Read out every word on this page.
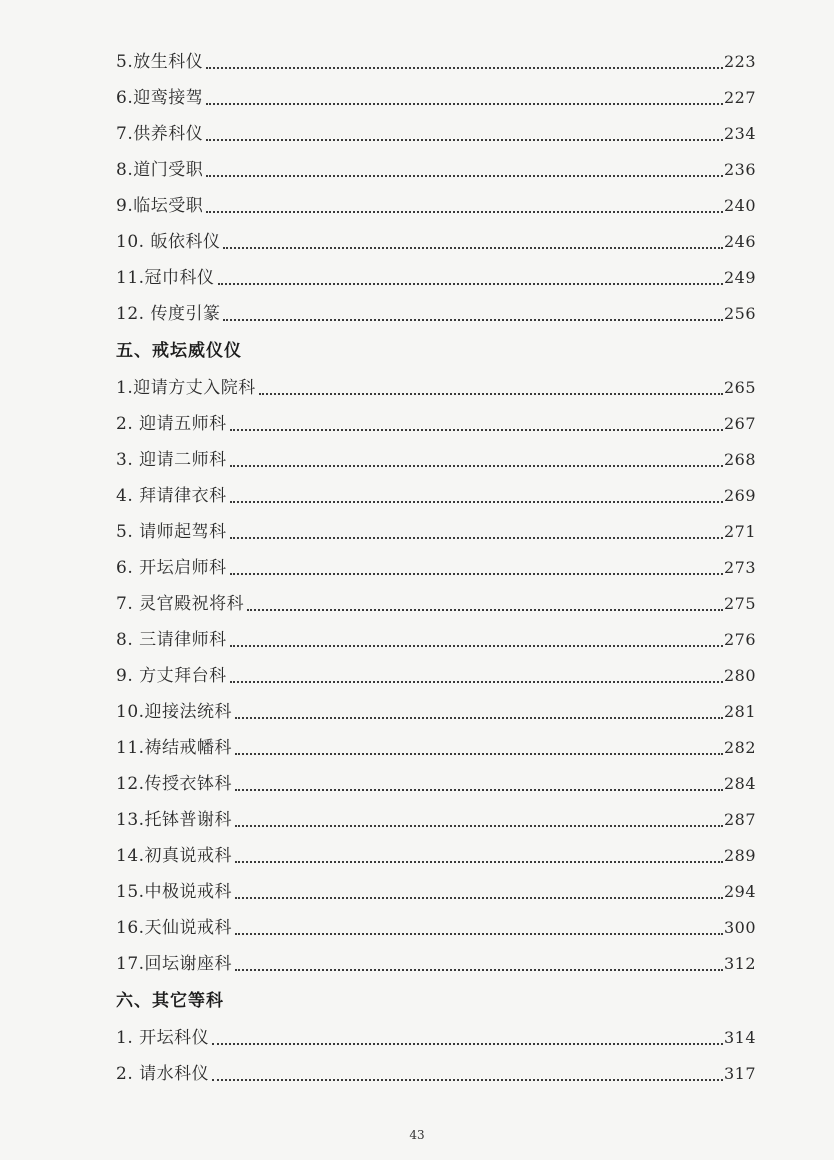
5.放生科仪	223
6.迎鸾接驾	227
7.供养科仪	234
8.道门受职	236
9.临坛受职	240
10. 皈依科仪	246
11.冠巾科仪	249
12. 传度引篆	256
五、戒坛威仪仪
1.迎请方丈入院科	265
2. 迎请五师科	267
3. 迎请二师科	268
4. 拜请律衣科	269
5. 请师起驾科	271
6. 开坛启师科	273
7. 灵官殿祝将科	275
8. 三请律师科	276
9. 方丈拜台科	280
10.迎接法统科	281
11.祷结戒幡科	282
12.传授衣钵科	284
13.托钵普谢科	287
14.初真说戒科	289
15.中极说戒科	294
16.天仙说戒科	300
17.回坛谢座科	312
六、其它等科
1. 开坛科仪	314
2. 请水科仪	317
43
